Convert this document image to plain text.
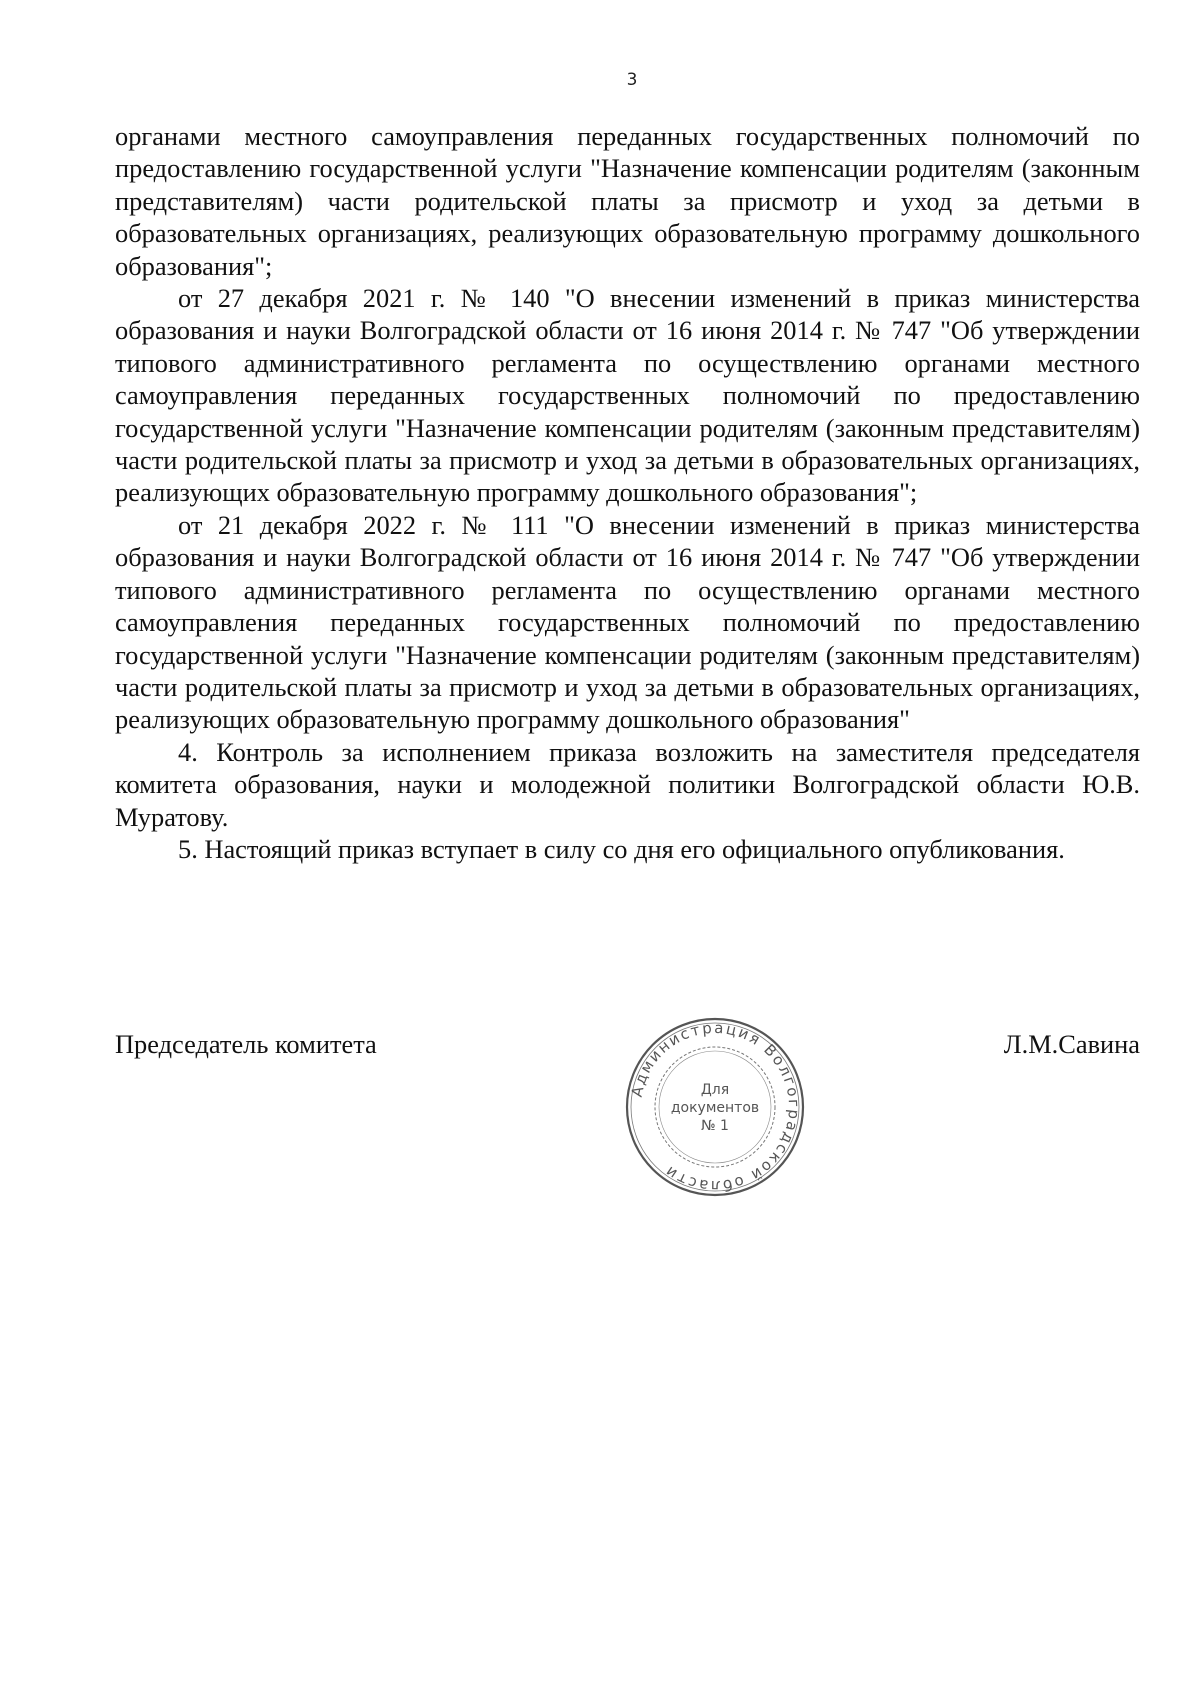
3

органами местного самоуправления переданных государственных полномочий по предоставлению государственной услуги "Назначение компенсации родителям (законным представителям) части родительской платы за присмотр и уход за детьми в образовательных организациях, реализующих образовательную программу дошкольного образования";

от 27 декабря 2021 г. № 140 "О внесении изменений в приказ министерства образования и науки Волгоградской области от 16 июня 2014 г. № 747 "Об утверждении типового административного регламента по осуществлению органами местного самоуправления переданных государственных полномочий по предоставлению государственной услуги "Назначение компенсации родителям (законным представителям) части родительской платы за присмотр и уход за детьми в образовательных организациях, реализующих образовательную программу дошкольного образования";

от 21 декабря 2022 г. № 111 "О внесении изменений в приказ министерства образования и науки Волгоградской области от 16 июня 2014 г. № 747 "Об утверждении типового административного регламента по осуществлению органами местного самоуправления переданных государственных полномочий по предоставлению государственной услуги "Назначение компенсации родителям (законным представителям) части родительской платы за присмотр и уход за детьми в образовательных организациях, реализующих образовательную программу дошкольного образования"

4. Контроль за исполнением приказа возложить на заместителя председателя комитета образования, науки и молодежной политики Волгоградской области Ю.В. Муратову.

5. Настоящий приказ вступает в силу со дня его официального опубликования.

Председатель комитета	Л.М.Савина
Администрация Волгоградской области
Для
документов
№ 1
